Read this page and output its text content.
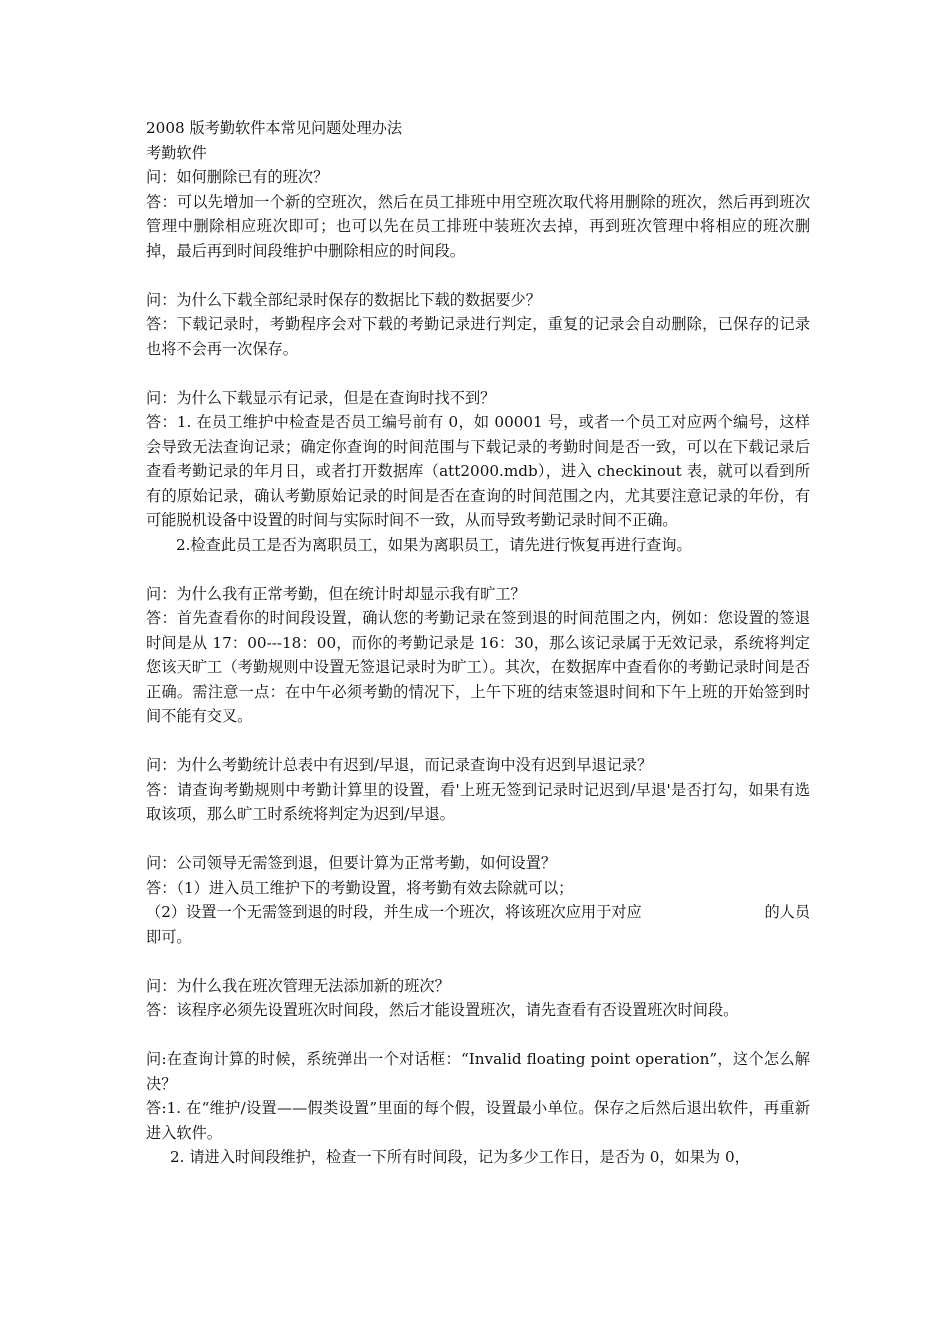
2008 版考勤软件本常见问题处理办法
考勤软件
问：如何删除已有的班次？
答：可以先增加一个新的空班次，然后在员工排班中用空班次取代将用删除的班次，然后再到班次管理中删除相应班次即可；也可以先在员工排班中装班次去掉，再到班次管理中将相应的班次删掉，最后再到时间段维护中删除相应的时间段。
问：为什么下载全部纪录时保存的数据比下载的数据要少？
答：下载记录时，考勤程序会对下载的考勤记录进行判定，重复的记录会自动删除，已保存的记录也将不会再一次保存。
问：为什么下载显示有记录，但是在查询时找不到？
答：1. 在员工维护中检查是否员工编号前有 0，如 00001 号，或者一个员工对应两个编号，这样会导致无法查询记录；确定你查询的时间范围与下载记录的考勤时间是否一致，可以在下载记录后查看考勤记录的年月日，或者打开数据库（att2000.mdb），进入 checkinout 表，就可以看到所有的原始记录，确认考勤原始记录的时间是否在查询的时间范围之内，尤其要注意记录的年份，有可能脱机设备中设置的时间与实际时间不一致，从而导致考勤记录时间不正确。
2.检查此员工是否为离职员工，如果为离职员工，请先进行恢复再进行查询。
问：为什么我有正常考勤，但在统计时却显示我有旷工？
答：首先查看你的时间段设置，确认您的考勤记录在签到退的时间范围之内，例如：您设置的签退时间是从 17：00---18：00，而你的考勤记录是 16：30，那么该记录属于无效记录，系统将判定您该天旷工（考勤规则中设置无签退记录时为旷工）。其次，在数据库中查看你的考勤记录时间是否正确。需注意一点：在中午必须考勤的情况下，上午下班的结束签退时间和下午上班的开始签到时间不能有交叉。
问：为什么考勤统计总表中有迟到/早退，而记录查询中没有迟到早退记录？
答：请查询考勤规则中考勤计算里的设置，看'上班无签到记录时记迟到/早退'是否打勾，如果有选取该项，那么旷工时系统将判定为迟到/早退。
问：公司领导无需签到退，但要计算为正常考勤，如何设置？
答：（1）进入员工维护下的考勤设置，将考勤有效去除就可以；
（2）设置一个无需签到退的时段，并生成一个班次，将该班次应用于对应	的人员
即可。
问：为什么我在班次管理无法添加新的班次？
答：该程序必须先设置班次时间段，然后才能设置班次，请先查看有否设置班次时间段。
问:在查询计算的时候，系统弹出一个对话框：“Invalid floating point operation”，这个怎么解决？
答:1. 在“维护/设置——假类设置”里面的每个假，设置最小单位。保存之后然后退出软件，再重新进入软件。
2. 请进入时间段维护，检查一下所有时间段，记为多少工作日，是否为 0，如果为 0，
